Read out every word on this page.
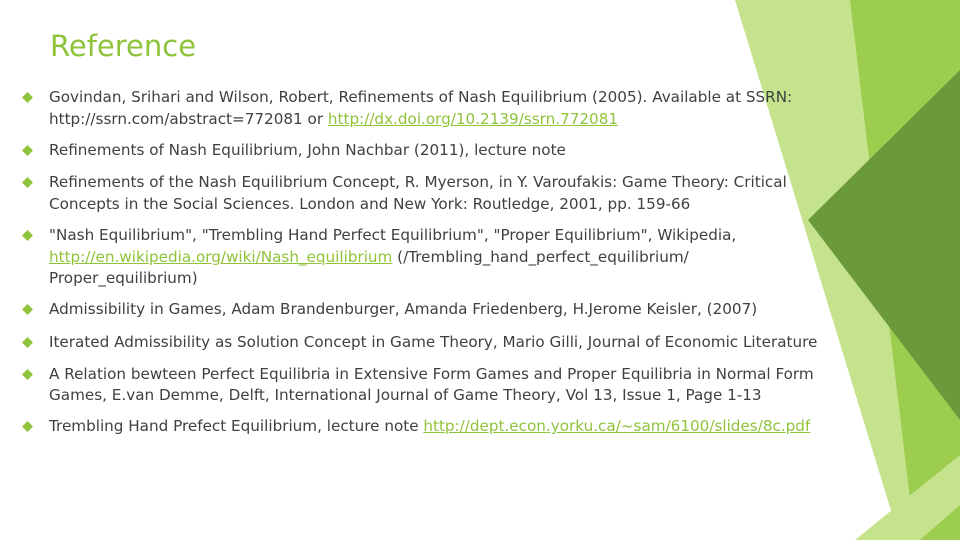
Reference
Govindan, Srihari and Wilson, Robert, Refinements of Nash Equilibrium (2005). Available at SSRN:
http://ssrn.com/abstract=772081 or http://dx.doi.org/10.2139/ssrn.772081
Refinements of Nash Equilibrium, John Nachbar (2011), lecture note
Refinements of the Nash Equilibrium Concept, R. Myerson, in Y. Varoufakis: Game Theory: Critical
Concepts in the Social Sciences. London and New York: Routledge, 2001, pp. 159-66
"Nash Equilibrium", "Trembling Hand Perfect Equilibrium", "Proper Equilibrium", Wikipedia,
http://en.wikipedia.org/wiki/Nash_equilibrium (/Trembling_hand_perfect_equilibrium/
Proper_equilibrium)
Admissibility in Games, Adam Brandenburger, Amanda Friedenberg, H.Jerome Keisler, (2007)
Iterated Admissibility as Solution Concept in Game Theory, Mario Gilli, Journal of Economic Literature
A Relation bewteen Perfect Equilibria in Extensive Form Games and Proper Equilibria in Normal Form
Games, E.van Demme, Delft, International Journal of Game Theory, Vol 13, Issue 1, Page 1-13
Trembling Hand Prefect Equilibrium, lecture note http://dept.econ.yorku.ca/~sam/6100/slides/8c.pdf
